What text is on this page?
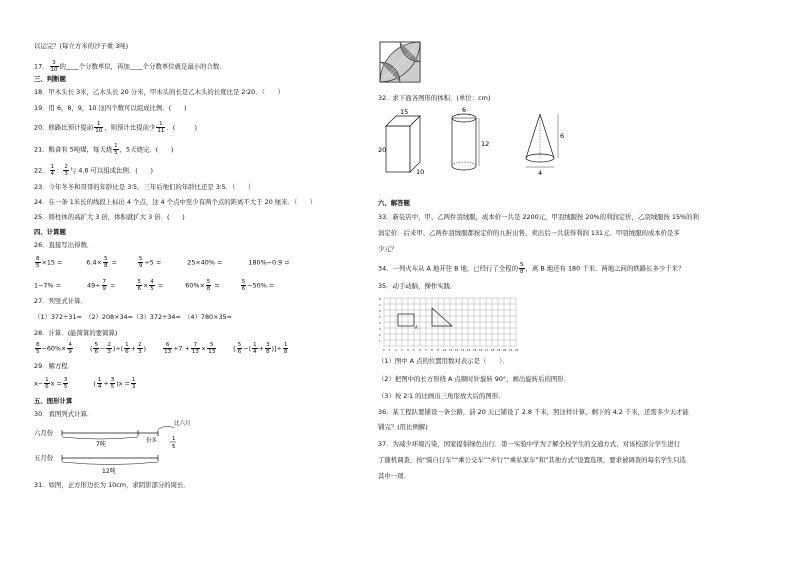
以运完？(每立方米的沙子重 3吨)
17． $\frac{3}{10}$ 的____个分数单位，再加____个分数单位就是最小的合数.
三、判断题
18．甲木头长 3米，乙木头长 20 分米，甲木头的长是乙木头的长度比是 2∶20．（　　）
19．用 6，8，9，10 这四个数可以组成比例．(　　)
20．修路比预计提前 $\frac{1}{10}$ ，则预计比提前少 $\frac{1}{11}$ ．(　　　)
21．粮食有 5吨煤，每天烧 $\frac{1}{5}$ ，5天烧完．(　　)
22． $\frac{1}{4}$ ： $\frac{2}{3}$ 与 4.6 可以组成比例．(　　)
23．今年冬冬和哥哥的年龄比是 3∶5，三年后他们的年龄比还是 3∶5．（　　）
24．在一条 1米长的线段上标出 4 个点，这 4 个点中至少有两个点的距离不大于 20 厘米．（　　）
25．圆柱体的高扩大 3 倍，体积就扩大 3 倍．(　　)
四、计算题
26．直接写出得数．
$\frac{8}{5} \times 15$ =	$6.4\times \frac{5}{8}$ =	$\frac{5}{9} \div 5$ =	25×40% =	180%−0.9 =
1−7% =	$49\div \frac{7}{9}$ =	$\frac{5}{6} \times \frac{4}{5}$ =	$60\%\times \frac{5}{8}$ =	$\frac{5}{6} -50\%$ =
27．列竖式计算．
（1）372÷31=　（2）208×34=（3）372÷34=　（4）780×35=
28．计算．(能简算的要简算)
$\frac{8}{5} -60\%\times \frac{4}{9}$	( $\frac{5}{6} - \frac{2}{3}$ )÷( $\frac{1}{6} + \frac{2}{3}$ )	$\frac{6}{13} \div 7 + \frac{7}{13} \times \frac{5}{13}$	[ $\frac{5}{6}$ −( $\frac{1}{4} + \frac{3}{8}$ )]÷ $\frac{1}{8}$
29．解方程．
$x- \frac{1}{6}$ $x = \frac{3}{5}$	( $\frac{1}{4} + \frac{3}{5} )x = \frac{1}{3}$
五、图形计算
30．看图列式计算．
六月份
7吨
比六月
份多	1
5
五月份
12吨
31．如图，正方形边长为 10cm，求阴影部分的周长．
32．求下面各图形的体积．(单位：cm)
15
20
10
6
12
6
4
六、解答题
33．新装店中，甲、乙两件羽绒服，成本价一共是 2200元，甲羽绒服按 20%的利润定价，乙羽绒服按 15%的利
润定价．后来甲、乙两件羽绒服都按定价的九折出售，卖出后一共获得利润 131元．甲羽绒服的成本价是多
少元？
34．一列火车从 A 地开往 B 地，已经行了全程的 $\frac{5}{8}$ ，离 B 地还有 180 千米．两地之间的铁路长多少千米？
35．动手动脑，操作实践．
A
0 1 2 3 4 5 6 7 8 9 10 11 12 13 14 15 16 17 18 19 20 21 22
8
7
6
5
4
3
2
1
（1）图中 A 点的位置用数对表示是（　　）．
（2）把图中的长方形绕 A 点顺时针旋转 90°，画出旋转后的图形．
（3）按 2∶1 的比画出三角形放大后的图形．
36．某工程队要铺设一条公路，前 20 天已铺设了 2.8 千米，照这样计算，剩下的 4.2 千米，还需多少天才能
铺完？(用比例解)
37．为减少环境污染，国家提倡绿色出行．第一实验中学为了解全校学生的交通方式，对该校部分学生进行
了随机调查，按“骑自行车”“乘公交车”“步行”“乘私家车”和“其他方式”设置选项，要求被调查的每名学生只选
其中一项．
